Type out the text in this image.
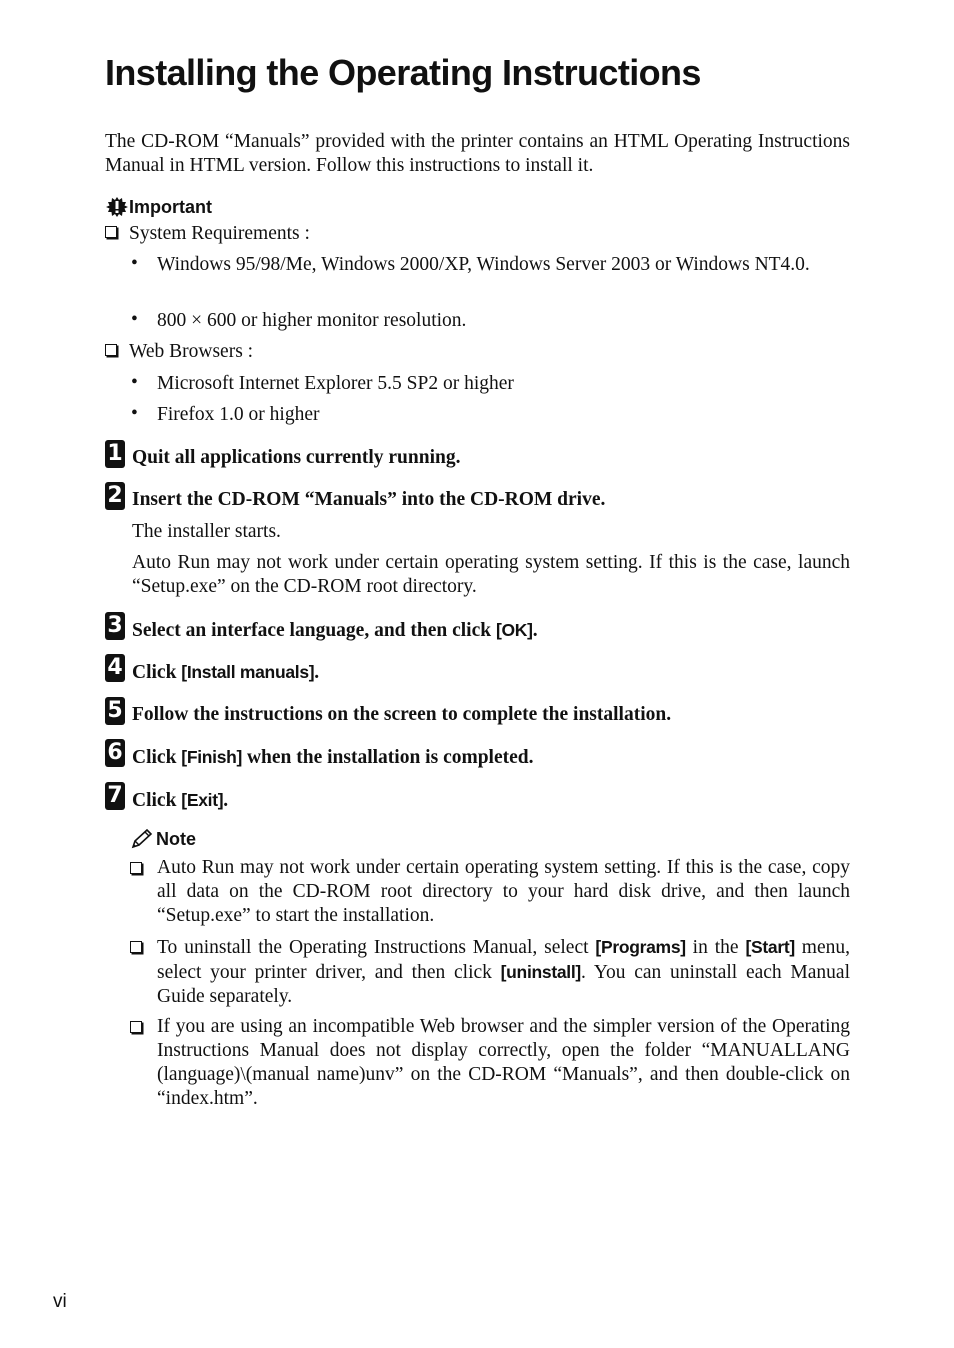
Installing the Operating Instructions
The CD-ROM “Manuals” provided with the printer contains an HTML Operating Instructions Manual in HTML version. Follow this instructions to install it.
Important
System Requirements :
• Windows 95/98/Me, Windows 2000/XP, Windows Server 2003 or Windows NT4.0.
• 800 × 600 or higher monitor resolution.
Web Browsers :
• Microsoft Internet Explorer 5.5 SP2 or higher
• Firefox 1.0 or higher
1 Quit all applications currently running.
2 Insert the CD-ROM “Manuals” into the CD-ROM drive.
The installer starts.
Auto Run may not work under certain operating system setting. If this is the case, launch “Setup.exe” on the CD-ROM root directory.
3 Select an interface language, and then click [OK].
4 Click [Install manuals].
5 Follow the instructions on the screen to complete the installation.
6 Click [Finish] when the installation is completed.
7 Click [Exit].
Note
Auto Run may not work under certain operating system setting. If this is the case, copy all data on the CD-ROM root directory to your hard disk drive, and then launch “Setup.exe” to start the installation.
To uninstall the Operating Instructions Manual, select [Programs] in the [Start] menu, select your printer driver, and then click [uninstall]. You can uninstall each Manual Guide separately.
If you are using an incompatible Web browser and the simpler version of the Operating Instructions Manual does not display correctly, open the folder “MANUALLANG (language)\(manual name)unv” on the CD-ROM “Manuals”, and then double-click on “index.htm”.
vi
